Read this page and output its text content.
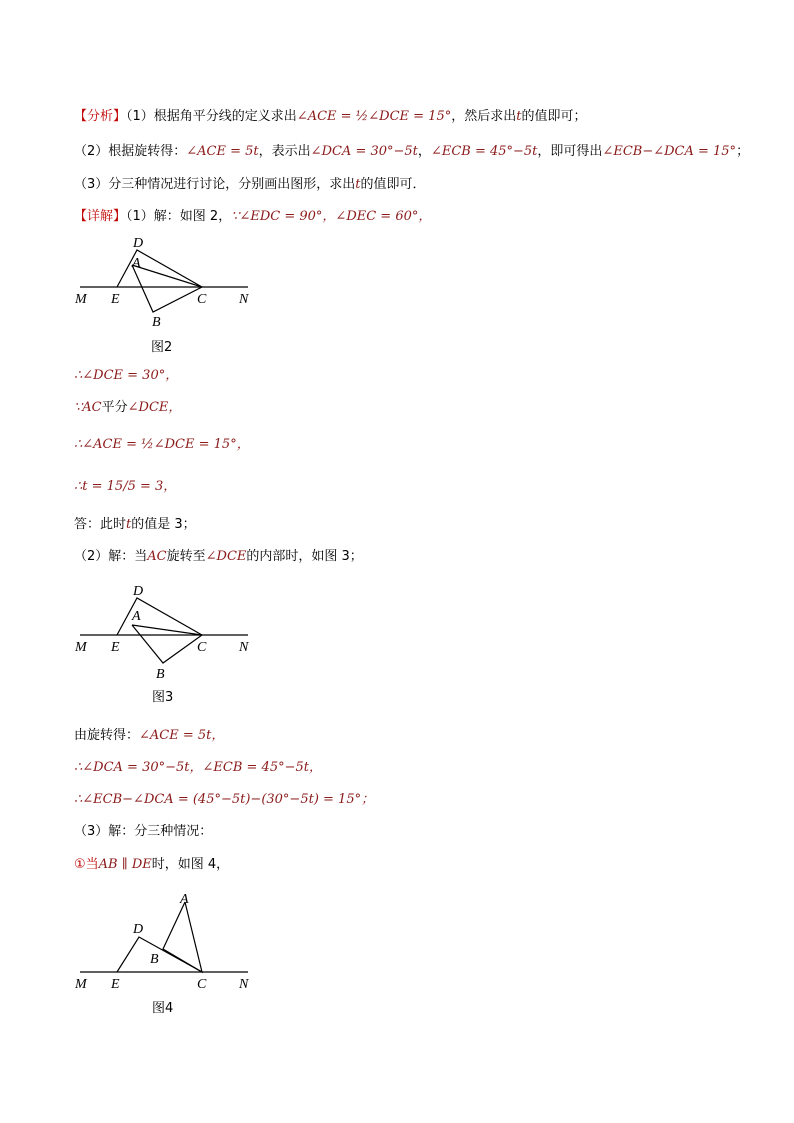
【分析】（1）根据角平分线的定义求出∠ACE = ½∠DCE = 15°，然后求出t的值即可；
（2）根据旋转得：∠ACE = 5t，表示出∠DCA = 30°−5t，∠ECB = 45°−5t，即可得出∠ECB−∠DCA = 15°；
（3）分三种情况进行讨论，分别画出图形，求出t的值即可．
【详解】（1）解：如图 2，∵∠EDC = 90°，∠DEC = 60°，
D
A
M E	C N
B
图2
∴∠DCE = 30°，
∵AC平分∠DCE，
∴∠ACE = ½∠DCE = 15°，
∴t = 15/5 = 3，
答：此时t的值是 3；
（2）解：当AC旋转至∠DCE的内部时，如图 3；
D
A
M E	C N
B
图3
由旋转得：∠ACE = 5t，
∴∠DCA = 30°−5t，∠ECB = 45°−5t，
∴∠ECB−∠DCA = (45°−5t)−(30°−5t) = 15°；
（3）解：分三种情况：
①当AB ∥ DE时，如图 4，
A
D
B
M E	C N
图4
